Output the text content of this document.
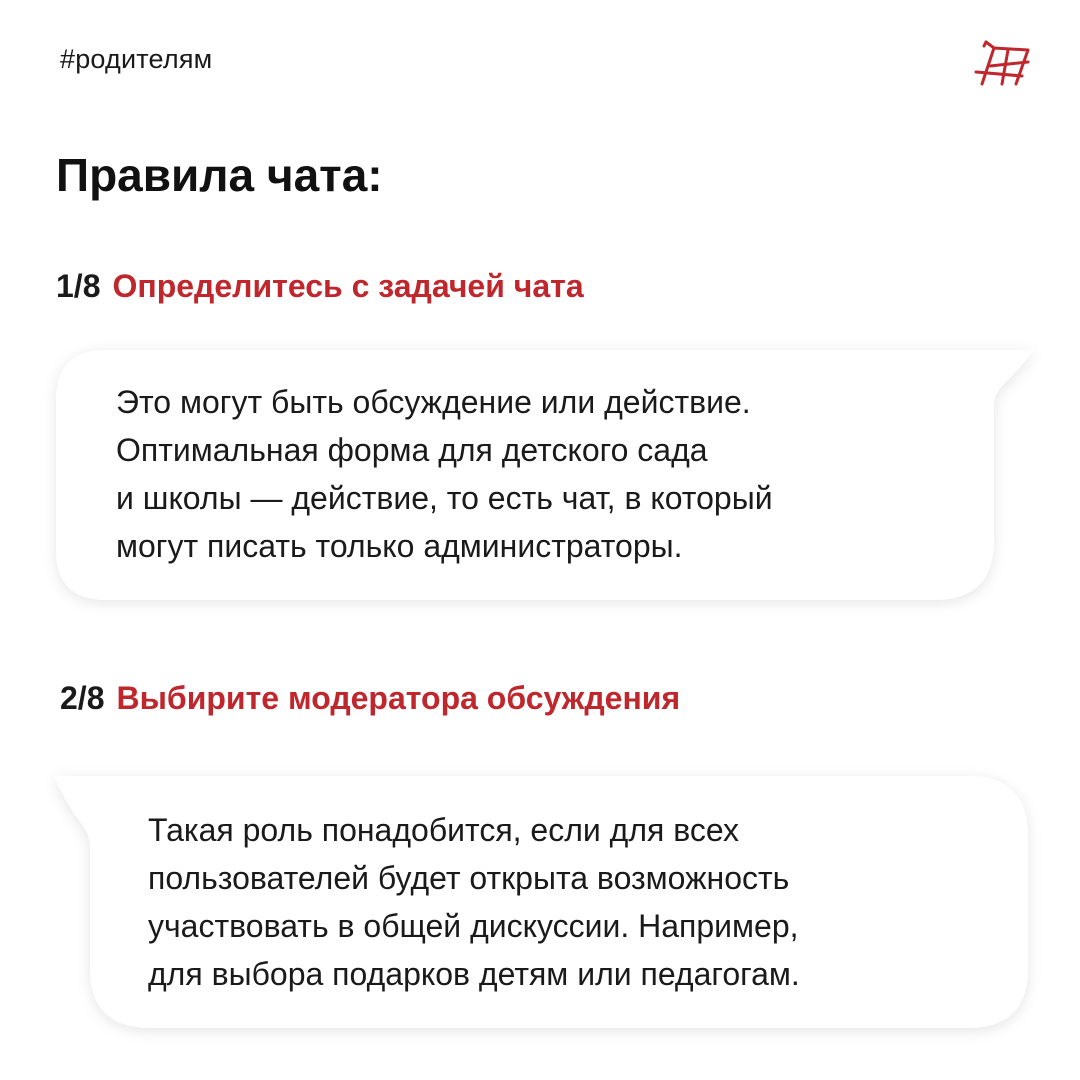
#родителям
Правила чата:
1/8 Определитесь с задачей чата

Это могут быть обсуждение или действие.
Оптимальная форма для детского сада
и школы — действие, то есть чат, в который
могут писать только администраторы.

2/8 Выбирите модератора обсуждения

Такая роль понадобится, если для всех
пользователей будет открыта возможность
участвовать в общей дискуссии. Например,
для выбора подарков детям или педагогам.
